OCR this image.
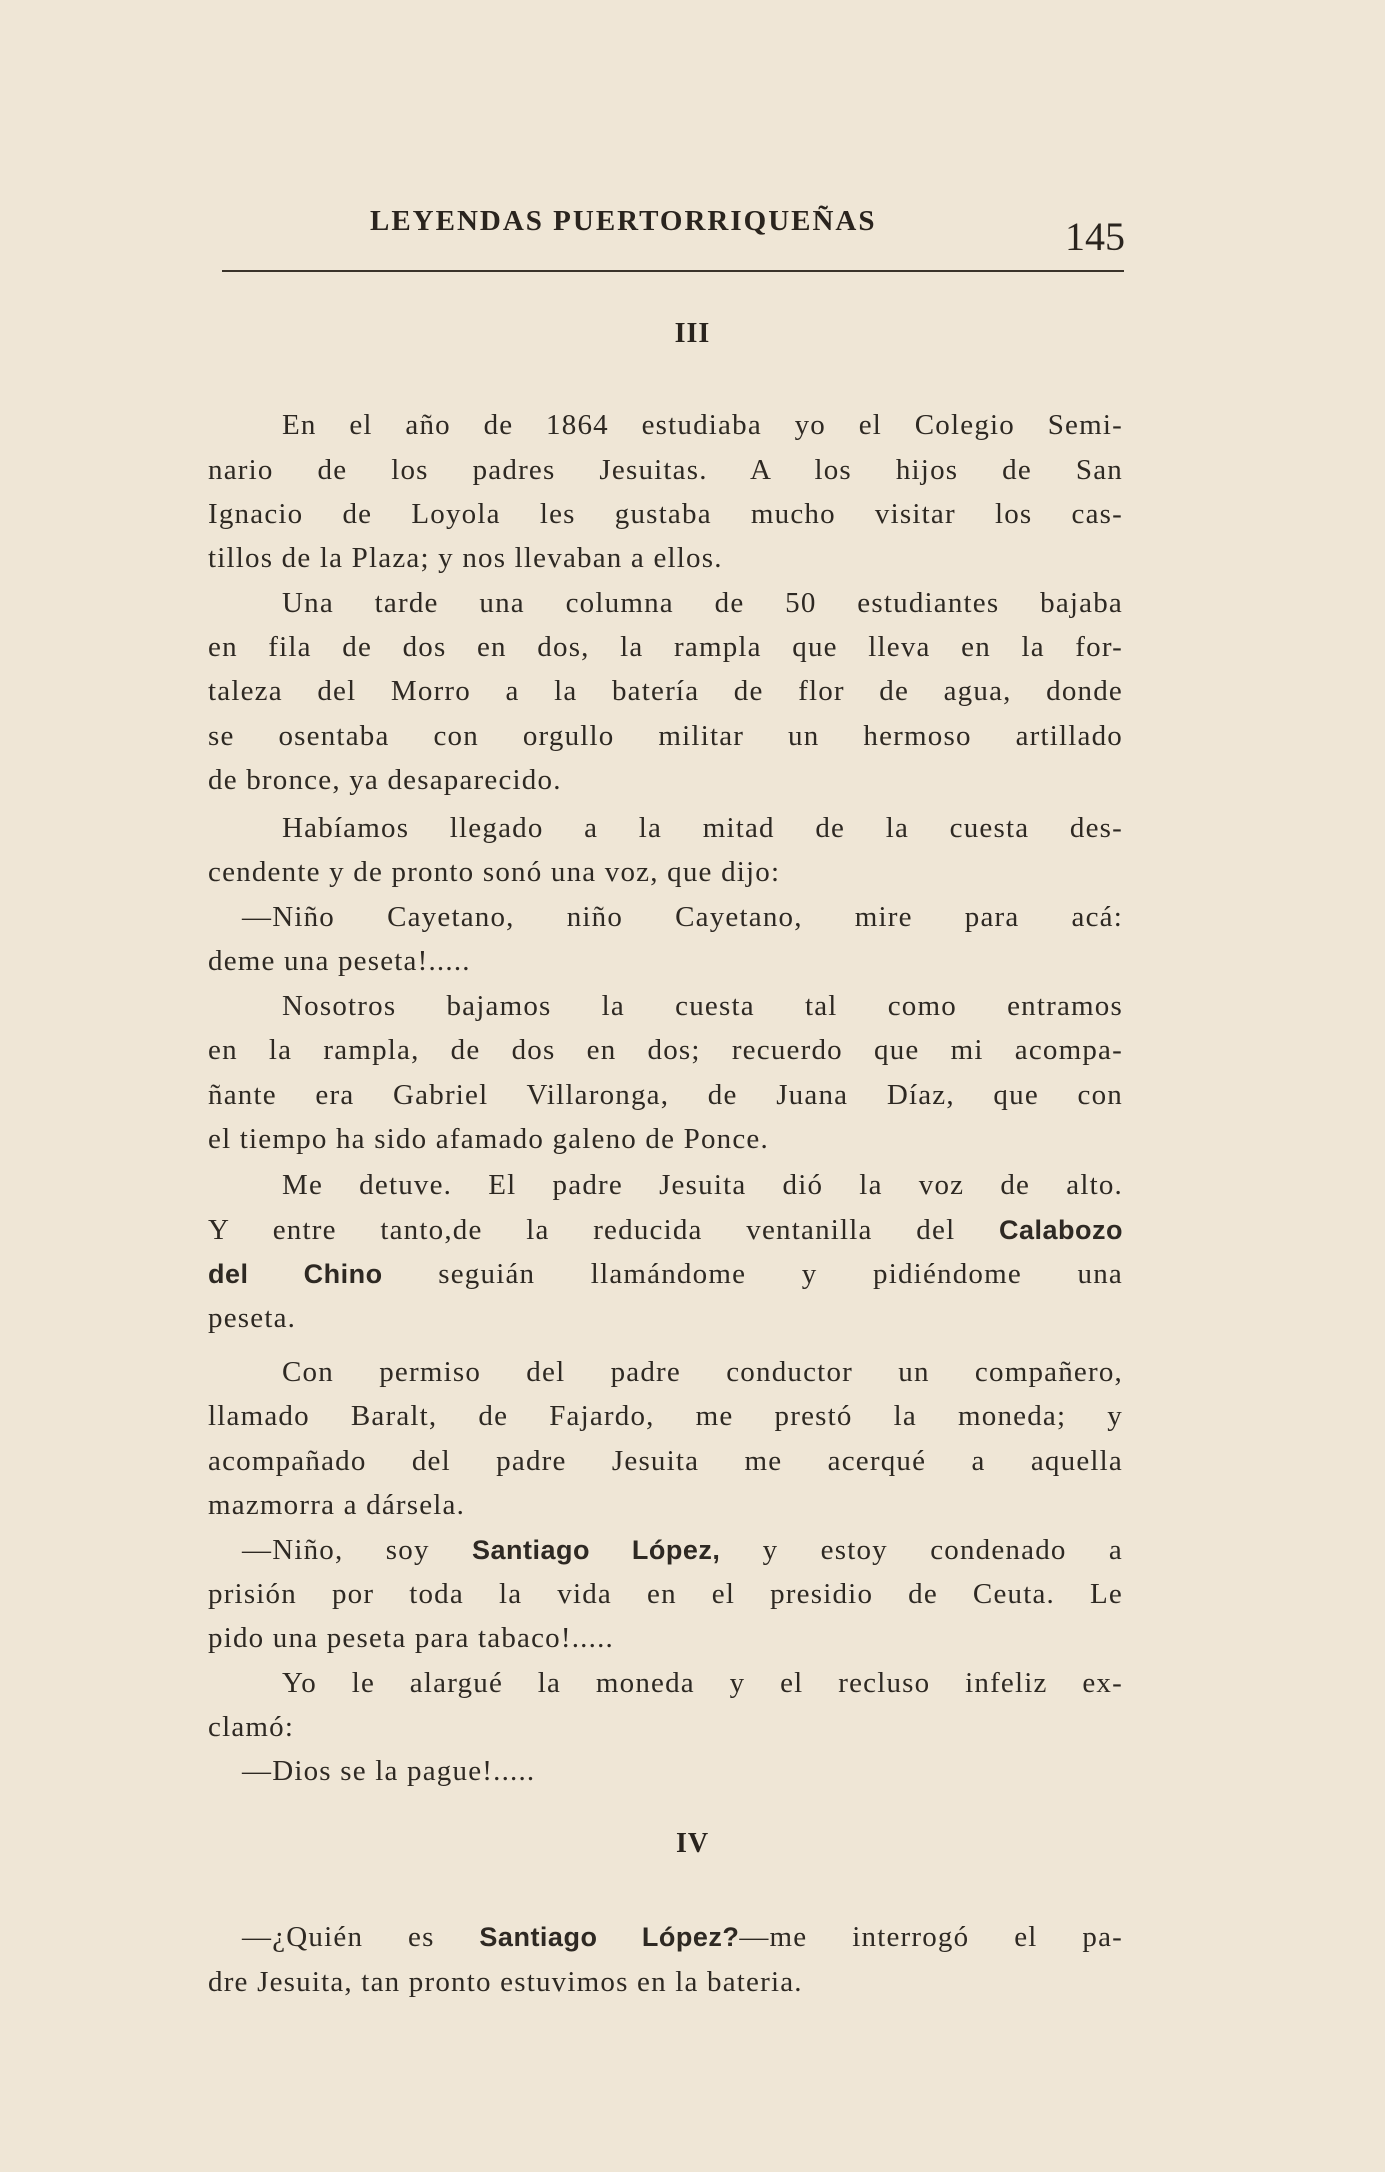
LEYENDAS PUERTORRIQUEÑAS	145
III
En el año de 1864 estudiaba yo el Colegio Semi-
nario de los padres Jesuitas. A los hijos de San
Ignacio de Loyola les gustaba mucho visitar los cas-
tillos de la Plaza; y nos llevaban a ellos.
Una tarde una columna de 50 estudiantes bajaba
en fila de dos en dos, la rampla que lleva en la for-
taleza del Morro a la batería de flor de agua, donde
se osentaba con orgullo militar un hermoso artillado
de bronce, ya desaparecido.
Habíamos llegado a la mitad de la cuesta des-
cendente y de pronto sonó una voz, que dijo:
—Niño Cayetano, niño Cayetano, mire para acá:
deme una peseta!.....
Nosotros bajamos la cuesta tal como entramos
en la rampla, de dos en dos; recuerdo que mi acompa-
ñante era Gabriel Villaronga, de Juana Díaz, que con
el tiempo ha sido afamado galeno de Ponce.
Me detuve. El padre Jesuita dió la voz de alto.
Y entre tanto,de la reducida ventanilla del Calabozo
del Chino seguián llamándome y pidiéndome una
peseta.
Con permiso del padre conductor un compañero,
llamado Baralt, de Fajardo, me prestó la moneda; y
acompañado del padre Jesuita me acerqué a aquella
mazmorra a dársela.
—Niño, soy Santiago López, y estoy condenado a
prisión por toda la vida en el presidio de Ceuta. Le
pido una peseta para tabaco!.....
Yo le alargué la moneda y el recluso infeliz ex-
clamó:
—Dios se la pague!.....
IV
—¿Quién es Santiago López?—me interrogó el pa-
dre Jesuita, tan pronto estuvimos en la bateria.
